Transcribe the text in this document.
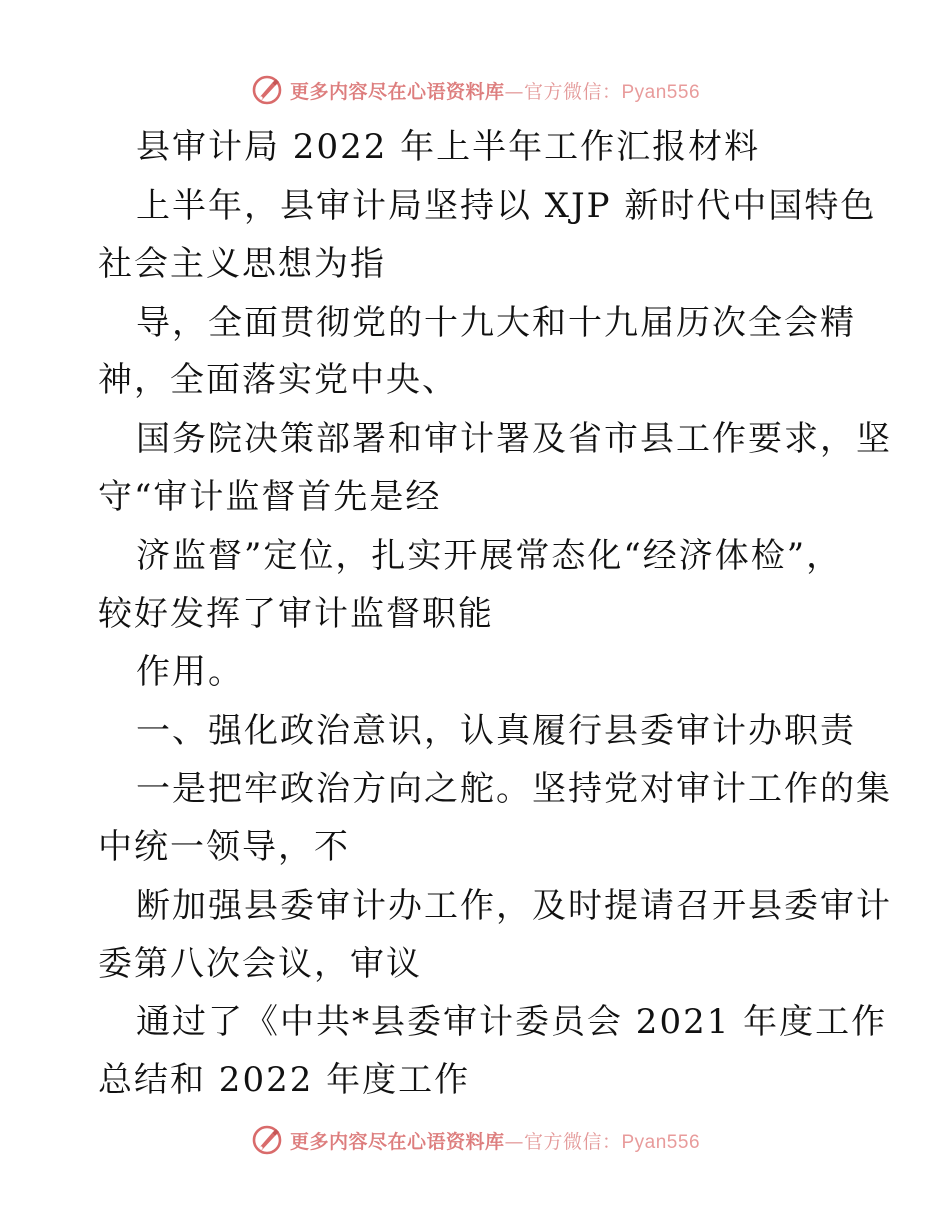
更多内容尽在心语资料库—官方微信：Pyan556
县审计局 2022 年上半年工作汇报材料
上半年，县审计局坚持以 XJP 新时代中国特色
社会主义思想为指
导，全面贯彻党的十九大和十九届历次全会精
神，全面落实党中央、
国务院决策部署和审计署及省市县工作要求，坚
守“审计监督首先是经
济监督”定位，扎实开展常态化“经济体检”，
较好发挥了审计监督职能
作用。
一、强化政治意识，认真履行县委审计办职责
一是把牢政治方向之舵。坚持党对审计工作的集
中统一领导，不
断加强县委审计办工作，及时提请召开县委审计
委第八次会议，审议
通过了《中共*县委审计委员会 2021 年度工作
总结和 2022 年度工作
更多内容尽在心语资料库—官方微信：Pyan556
